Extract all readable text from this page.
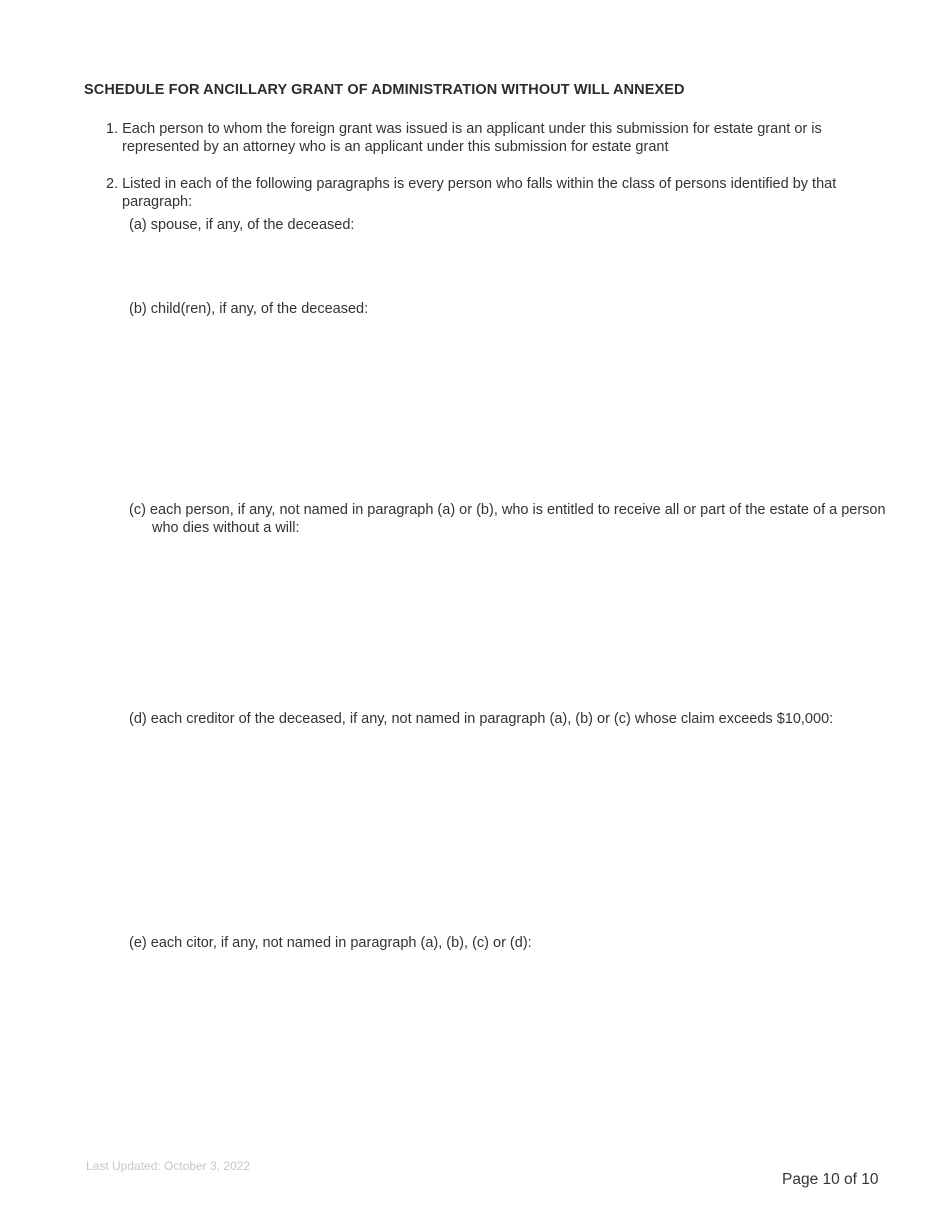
SCHEDULE FOR ANCILLARY GRANT OF ADMINISTRATION WITHOUT WILL ANNEXED
1. Each person to whom the foreign grant was issued is an applicant under this submission for estate grant or is represented by an attorney who is an applicant under this submission for estate grant
2. Listed in each of the following paragraphs is every person who falls within the class of persons identified by that paragraph:
(a) spouse, if any, of the deceased:
(b) child(ren), if any, of the deceased:
(c) each person, if any, not named in paragraph (a) or (b), who is entitled to receive all or part of the estate of a person who dies without a will:
(d) each creditor of the deceased, if any, not named in paragraph (a), (b) or (c) whose claim exceeds $10,000:
(e) each citor, if any, not named in paragraph (a), (b), (c) or (d):
Last Updated: October 3, 2022
Page 10 of 10
